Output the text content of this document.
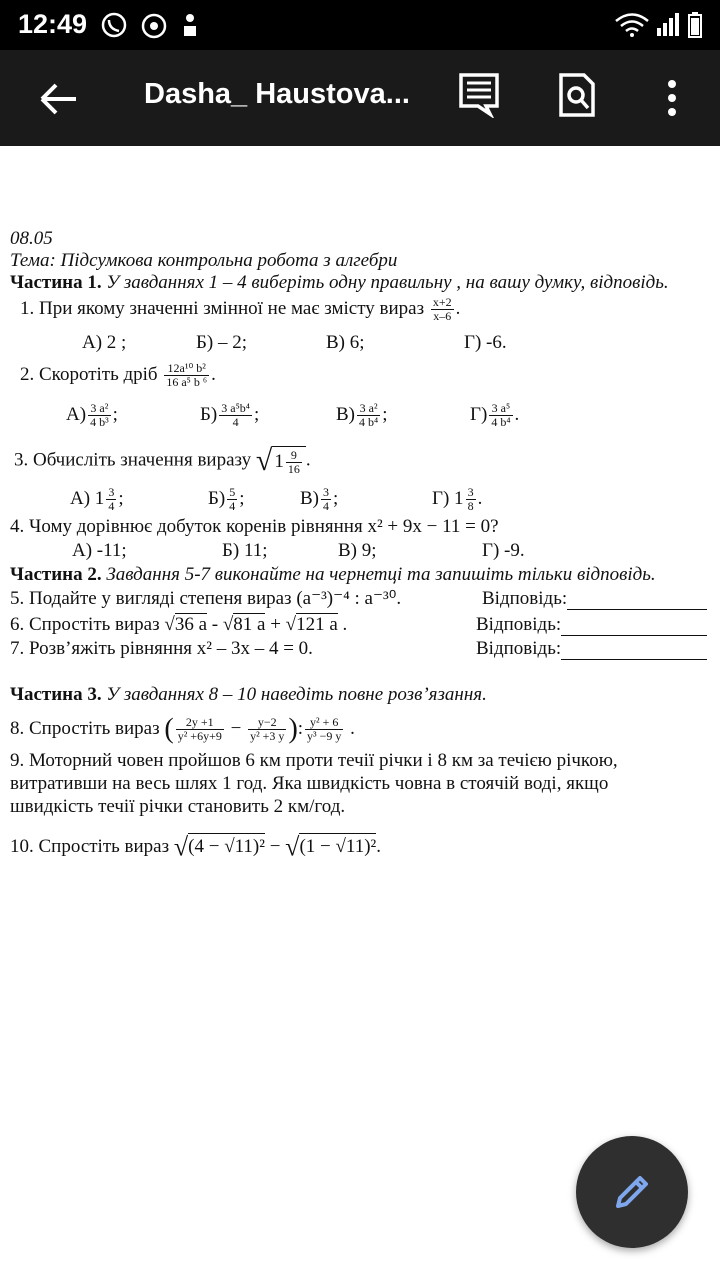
12:49
Dasha_ Haustova...
08.05
Тема: Підсумкова контрольна робота з алгебри
Частина 1. У завданнях 1 – 4 виберіть одну правильну , на вашу думку, відповідь.
1. При якому значенні змінної не має змісту вираз $\frac{x+2}{x-6}$ .
А) 2 ;	Б) – 2;	В) 6;	Г) -6.
2. Скоротіть дріб $\frac{\text{12a¹⁰ b²}}{\text{16 a⁵ b ⁶}}$ .
$А) \frac{\text{3 a²}}{\text{4 b³}}$ ;	$Б) \frac{\text{3 a⁵b⁴}}{4}$ ;	$В) \frac{\text{3 a²}}{\text{4 b⁴}}$ ;	$Г) \frac{\text{3 a⁵}}{\text{4 b⁴}}$ .
3. Обчисліть значення виразу √ $1 \frac{9}{16}$ .
А) $1 \frac{3}{4}$ ;	$Б) \frac{5}{4}$ ;	$В) \frac{3}{4}$ ;	Г) $1 \frac{3}{8}$ .
4. Чому дорівнює добуток коренів рівняння x² + 9x − 11 = 0?
А) -11;	Б) 11;	В) 9;	Г) -9.
Частина 2. Завдання 5-7 виконайте на чернетці та запишіть тільки відповідь.
5. Подайте у вигляді степеня вираз (a⁻³)⁻⁴ : a⁻³⁰.	Відповідь:
6. Спростіть вираз √36 a - √81 a + √121 a .	Відповідь:
7. Розв’яжіть рівняння x² – 3x – 4 = 0.	Відповідь:
Частина 3. У завданнях 8 – 10 наведіть повне розв’язання.
8. Спростіть вираз ( $\frac{2y +1}{\text{y² +6y+9}} - \frac{y-2}{\text{y² +3 y}}$ ): $\frac{\text{y² + 6}}{\text{y³ −9 y}}$ .
9. Моторний човен пройшов 6 км проти течії річки і 8 км за течією річкою,
витративши на весь шлях 1 год. Яка швидкість човна в стоячій воді, якщо
швидкість течії річки становить 2 км/год.
10. Спростіть вираз √(4 − √11)² − √(1 − √11)².
